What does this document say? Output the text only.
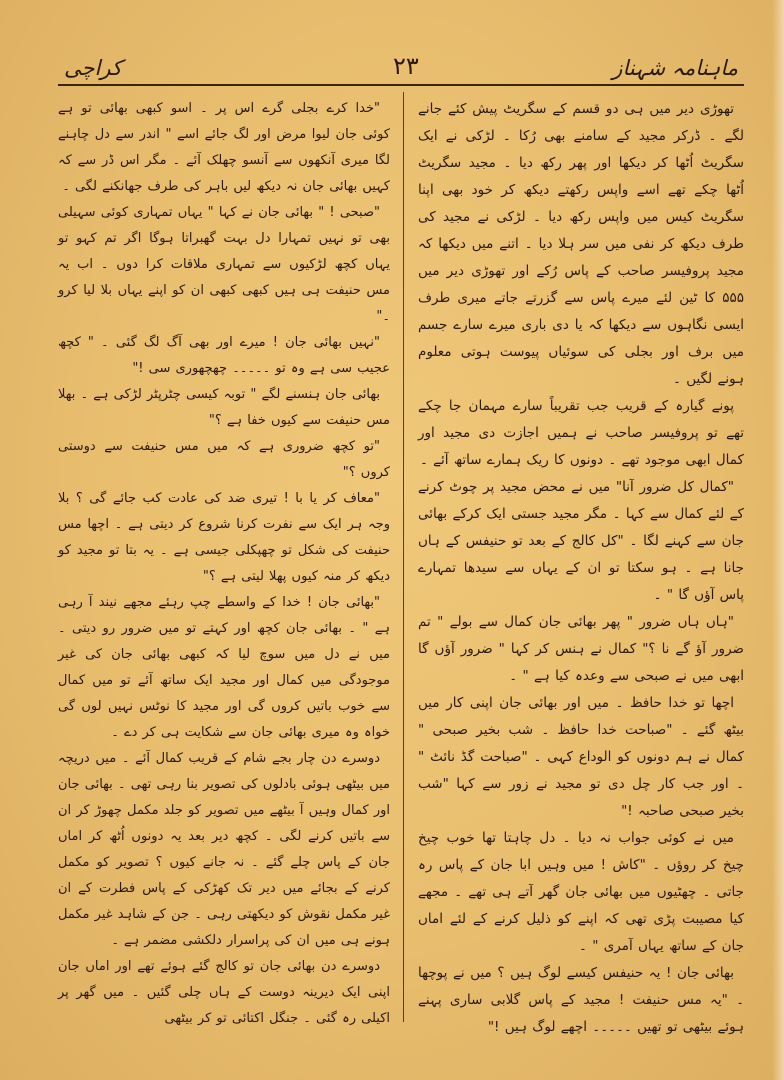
کراچی	۲۳	ماہنامہ شہناز

تھوڑی دیر میں ہی دو قسم کے سگریٹ پیش کئے جانے لگے ۔ ڈرکر مجید کے سامنے بھی رُکا ۔ لڑکی نے ایک سگریٹ اُٹھا کر دیکھا اور پھر رکھ دیا ۔ مجید سگریٹ اُٹھا چکے تھے اسے واپس رکھتے دیکھ کر خود بھی اپنا سگریٹ کیس میں واپس رکھ دیا ۔ لڑکی نے مجید کی طرف دیکھ کر نفی میں سر ہلا دیا ۔ اتنے میں دیکھا کہ مجید پروفیسر صاحب کے پاس رُکے اور تھوڑی دیر میں ۵۵۵ کا ٹین لئے میرے پاس سے گزرتے جاتے میری طرف ایسی نگاہوں سے دیکھا کہ یا دی باری میرے سارے جسم میں برف اور بجلی کی سوئیاں پیوست ہوتی معلوم ہونے لگیں ۔

پونے گیارہ کے قریب جب تقریباً سارے مہمان جا چکے تھے تو پروفیسر صاحب نے ہمیں اجازت دی مجید اور کمال ابھی موجود تھے ۔ دونوں کا ریک ہمارے ساتھ آئے ۔

"کمال کل ضرور آنا" میں نے محض مجید پر چوٹ کرنے کے لئے کمال سے کہا ۔ مگر مجید جستی ایک کرکے بھائی جان سے کہنے لگا ۔ "کل کالج کے بعد تو حنیفس کے ہاں جانا ہے ۔ ہو سکتا تو ان کے یہاں سے سیدھا تمہارے پاس آؤں گا " ۔

"ہاں ہاں ضرور " پھر بھائی جان کمال سے بولے " تم ضرور آؤ گے نا ؟" کمال نے ہنس کر کہا " ضرور آؤں گا ابھی میں نے صبحی سے وعدہ کیا ہے " ۔

اچھا تو خدا حافظ ۔ میں اور بھائی جان اپنی کار میں بیٹھ گئے ۔ "صباحت خدا حافظ ۔ شب بخیر صبحی " کمال نے ہم دونوں کو الوداع کہی ۔ "صباحت گڈ نائٹ " ۔ اور جب کار چل دی تو مجید نے زور سے کہا "شب بخیر صبحی صاحبہ !"

میں نے کوئی جواب نہ دیا ۔ دل چاہتا تھا خوب چیخ چیخ کر روؤں ۔ "کاش ! میں وہیں ابا جان کے پاس رہ جاتی ۔ چھٹیوں میں بھائی جان گھر آتے ہی تھے ۔ مجھے کیا مصیبت پڑی تھی کہ اپنے کو ذلیل کرنے کے لئے اماں جان کے ساتھ یہاں آمری " ۔

بھائی جان ! یہ حنیفس کیسے لوگ ہیں ؟ میں نے پوچھا ۔ "یہ مس حنیفت ! مجید کے پاس گلابی ساری پہنے ہوئے بیٹھی تو تھیں ۔۔۔۔۔ اچھے لوگ ہیں !"

"خدا کرے بجلی گرے اس پر ۔ اسو کبھی بھائی تو ہے کوئی جان لیوا مرض اور لگ جائے اسے " اندر سے دل چاہنے لگا میری آنکھوں سے آنسو چھلک آئے ۔ مگر اس ڈر سے کہ کہیں بھائی جان نہ دیکھ لیں باہر کی طرف جھانکنے لگی ۔

"صبحی ! " بھائی جان نے کہا " یہاں تمہاری کوئی سہیلی بھی تو نہیں تمہارا دل بہت گھبراتا ہوگا اگر تم کہو تو یہاں کچھ لڑکیوں سے تمہاری ملاقات کرا دوں ۔ اب یہ مس حنیفت ہی ہیں کبھی کبھی ان کو اپنے یہاں بلا لیا کرو ۔"

"نہیں بھائی جان ! میرے اور بھی آگ لگ گئی ۔ " کچھ عجیب سی ہے وہ تو ۔۔۔۔۔ چھچھوری سی !"

بھائی جان ہنسنے لگے " توبہ کیسی چٹرپٹر لڑکی ہے ۔ بھلا مس حنیفت سے کیوں خفا ہے ؟"

"تو کچھ ضروری ہے کہ میں مس حنیفت سے دوستی کروں ؟"

"معاف کر یا با ! تیری ضد کی عادت کب جائے گی ؟ بلا وجہ ہر ایک سے نفرت کرنا شروع کر دیتی ہے ۔ اچھا مس حنیفت کی شکل تو چھپکلی جیسی ہے ۔ یہ بتا تو مجید کو دیکھ کر منہ کیوں پھلا لیتی ہے ؟"

"بھائی جان ! خدا کے واسطے چپ رہئے مجھے نیند آ رہی ہے " ۔ بھائی جان کچھ اور کہتے تو میں ضرور رو دیتی ۔ میں نے دل میں سوچ لیا کہ کبھی بھائی جان کی غیر موجودگی میں کمال اور مجید ایک ساتھ آئے تو میں کمال سے خوب باتیں کروں گی اور مجید کا نوٹس نہیں لوں گی خواہ وہ میری بھائی جان سے شکایت ہی کر دے ۔

دوسرے دن چار بجے شام کے قریب کمال آئے ۔ میں دریچہ میں بیٹھی ہوئی بادلوں کی تصویر بنا رہی تھی ۔ بھائی جان اور کمال وہیں آ بیٹھے میں تصویر کو جلد مکمل چھوڑ کر ان سے باتیں کرنے لگی ۔ کچھ دیر بعد یہ دونوں اُٹھ کر اماں جان کے پاس چلے گئے ۔ نہ جانے کیوں ؟ تصویر کو مکمل کرنے کے بجائے میں دیر تک کھڑکی کے پاس فطرت کے ان غیر مکمل نقوش کو دیکھتی رہی ۔ جن کے شاہد غیر مکمل ہونے ہی میں ان کی پراسرار دلکشی مضمر ہے ۔

دوسرے دن بھائی جان تو کالج گئے ہوئے تھے اور اماں جان اپنی ایک دیرینہ دوست کے ہاں چلی گئیں ۔ میں گھر پر اکیلی رہ گئی ۔ جنگل اکتائی تو کر بیٹھی
